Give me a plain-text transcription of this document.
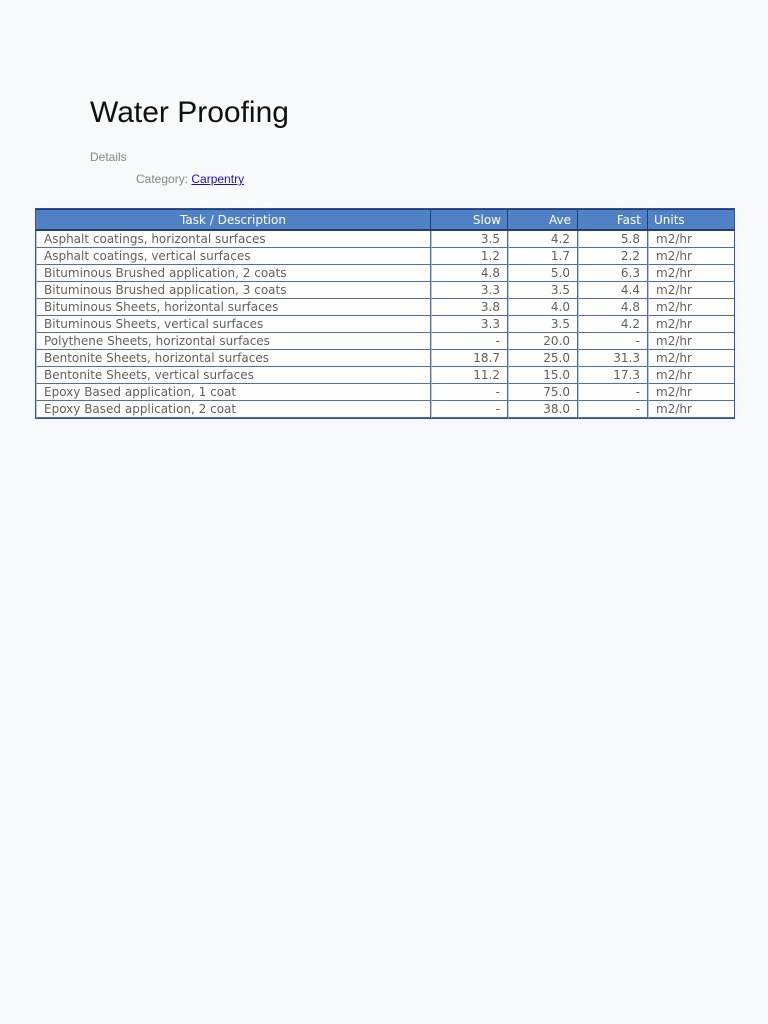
Water Proofing
Details
Category: Carpentry
Task / Description	Slow	Ave	Fast	Units
Asphalt coatings, horizontal surfaces	3.5	4.2	5.8	m2/hr
Asphalt coatings, vertical surfaces	1.2	1.7	2.2	m2/hr
Bituminous Brushed application, 2 coats	4.8	5.0	6.3	m2/hr
Bituminous Brushed application, 3 coats	3.3	3.5	4.4	m2/hr
Bituminous Sheets, horizontal surfaces	3.8	4.0	4.8	m2/hr
Bituminous Sheets, vertical surfaces	3.3	3.5	4.2	m2/hr
Polythene Sheets, horizontal surfaces	-	20.0	-	m2/hr
Bentonite Sheets, horizontal surfaces	18.7	25.0	31.3	m2/hr
Bentonite Sheets, vertical surfaces	11.2	15.0	17.3	m2/hr
Epoxy Based application, 1 coat	-	75.0	-	m2/hr
Epoxy Based application, 2 coat	-	38.0	-	m2/hr
